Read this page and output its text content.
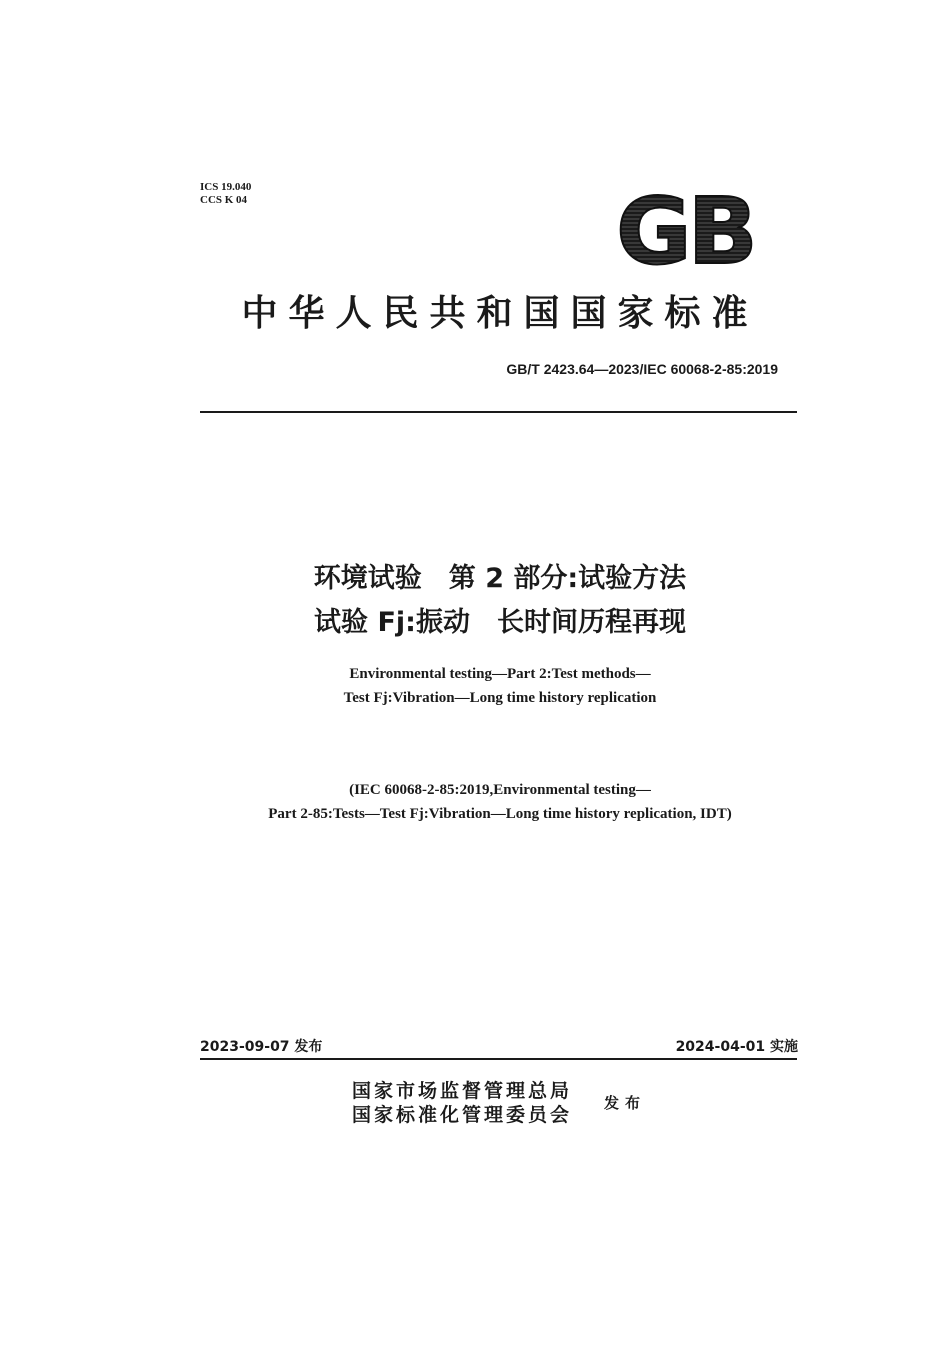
ICS 19.040
CCS K 04	GB
中华人民共和国国家标准
GB/T 2423.64—2023/IEC 60068-2-85:2019
环境试验　第 2 部分:试验方法
试验 Fj:振动　长时间历程再现
Environmental testing—Part 2:Test methods—
Test Fj:Vibration—Long time history replication
(IEC 60068-2-85:2019,Environmental testing—
Part 2-85:Tests—Test Fj:Vibration—Long time history replication, IDT)
2023-09-07 发布	2024-04-01 实施
国家市场监督管理总局
国家标准化管理委员会
发布
